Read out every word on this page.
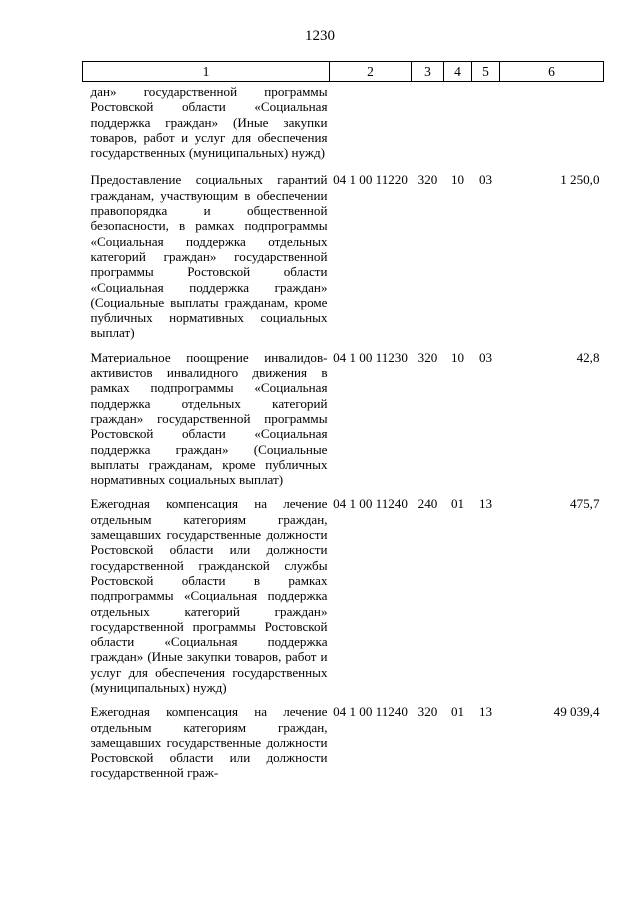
1230
1	2	3	4	5	6
дан» государственной программы Ростовской области «Социальная поддержка граждан» (Иные закупки товаров, работ и услуг для обеспечения государственных (муниципальных) нужд)					
Предоставление социальных гарантий гражданам, участвующим в обеспечении правопорядка и общественной безопасности, в рамках подпрограммы «Социальная поддержка отдельных категорий граждан» государственной программы Ростовской области «Социальная поддержка граждан» (Социальные выплаты гражданам, кроме публичных нормативных социальных выплат)	04 1 00 11220	320	10	03	1 250,0
Материальное поощрение инвалидов-активистов инвалидного движения в рамках подпрограммы «Социальная поддержка отдельных категорий граждан» государственной программы Ростовской области «Социальная поддержка граждан» (Социальные выплаты гражданам, кроме публичных нормативных социальных выплат)	04 1 00 11230	320	10	03	42,8
Ежегодная компенсация на лечение отдельным категориям граждан, замещавших государственные должности Ростовской области или должности государственной гражданской службы Ростовской области в рамках подпрограммы «Социальная поддержка отдельных категорий граждан» государственной программы Ростовской области «Социальная поддержка граждан» (Иные закупки товаров, работ и услуг для обеспечения государственных (муниципальных) нужд)	04 1 00 11240	240	01	13	475,7
Ежегодная компенсация на лечение отдельным категориям граждан, замещавших государственные должности Ростовской области или должности государственной граж-	04 1 00 11240	320	01	13	49 039,4
